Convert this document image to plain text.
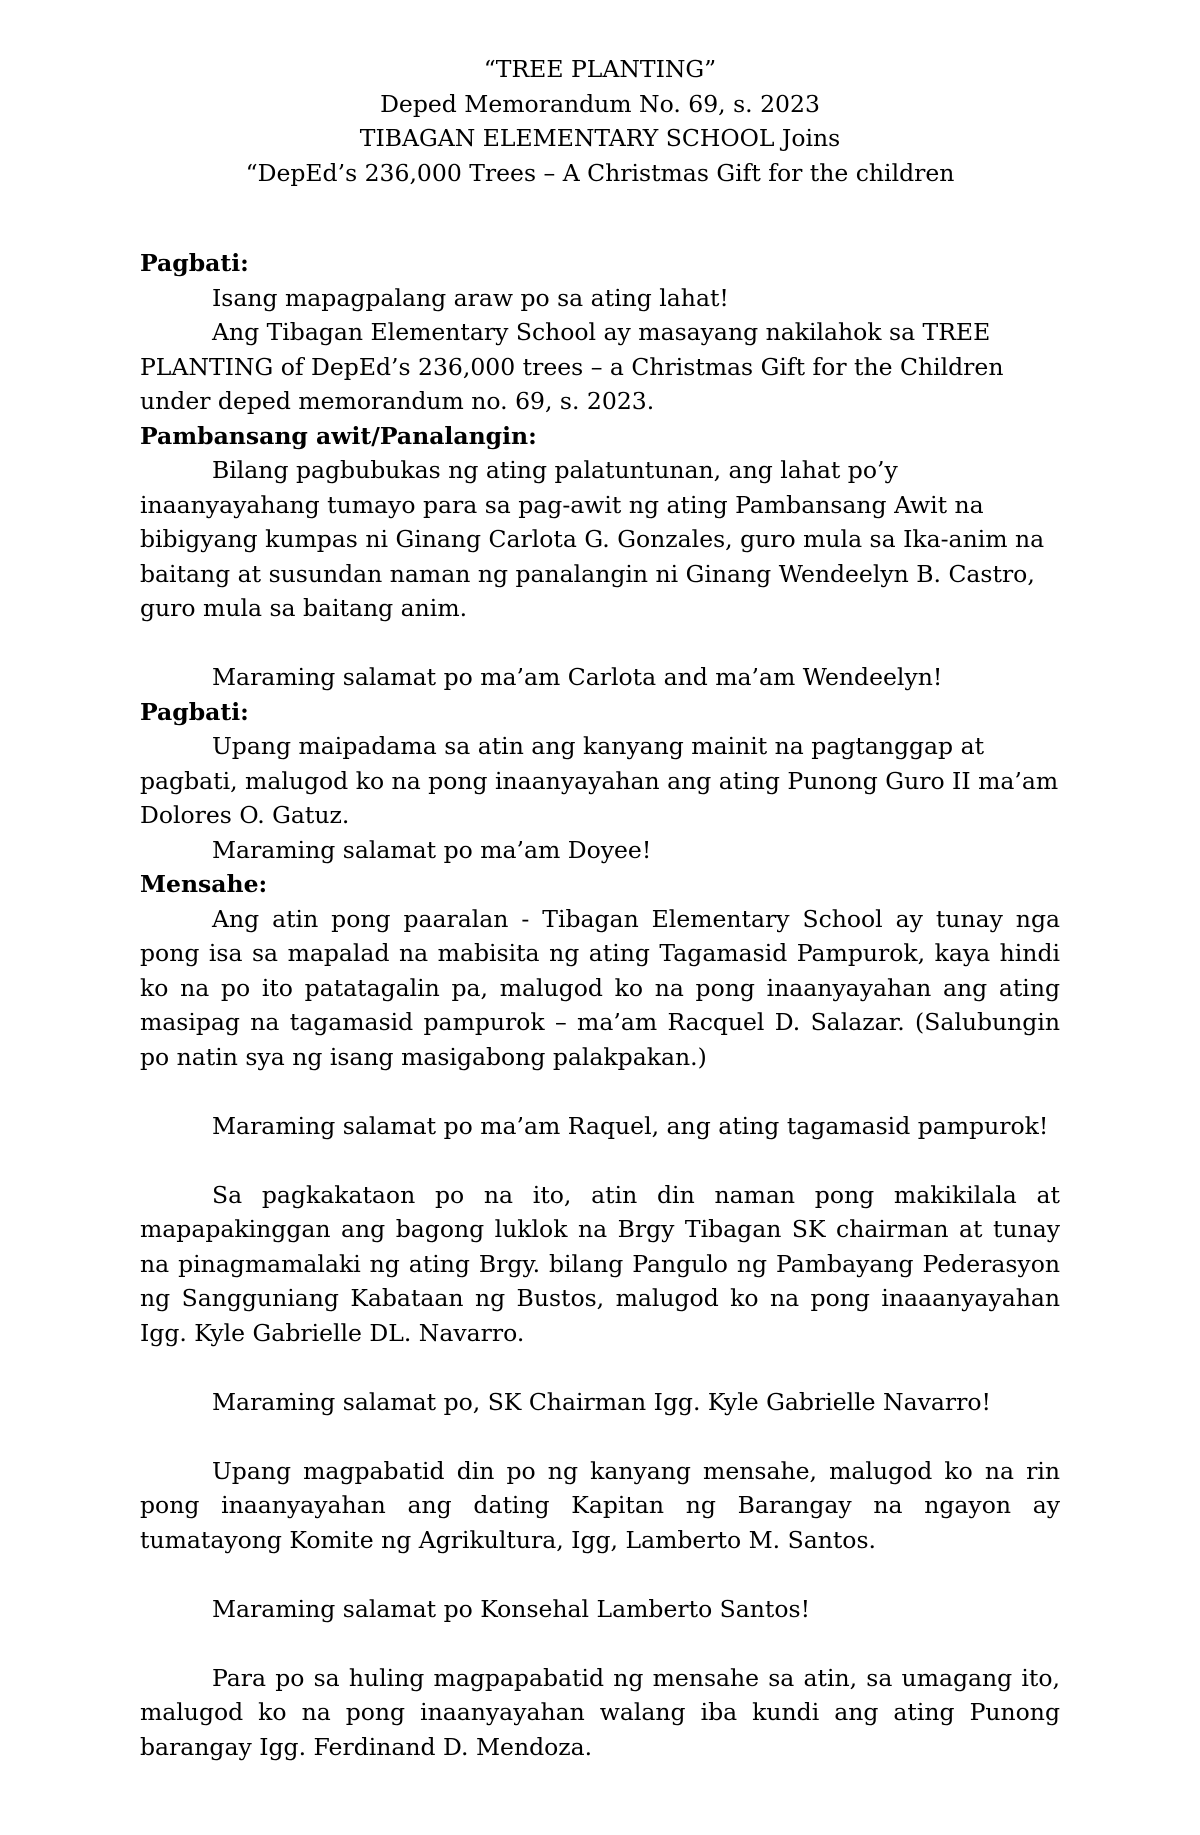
“TREE PLANTING”
Deped Memorandum No. 69, s. 2023
TIBAGAN ELEMENTARY SCHOOL Joins
“DepEd’s 236,000 Trees – A Christmas Gift for the children
Pagbati:
Isang mapagpalang araw po sa ating lahat!
Ang Tibagan Elementary School ay masayang nakilahok sa TREE PLANTING of DepEd’s 236,000 trees – a Christmas Gift for the Children under deped memorandum no. 69, s. 2023.
Pambansang awit/Panalangin:
Bilang pagbubukas ng ating palatuntunan, ang lahat po’y inaanyayahang tumayo para sa pag-awit ng ating Pambansang Awit na bibigyang kumpas ni Ginang Carlota G. Gonzales, guro mula sa Ika-anim na baitang at susundan naman ng panalangin ni Ginang Wendeelyn B. Castro, guro mula sa baitang anim.
Maraming salamat po ma’am Carlota and ma’am Wendeelyn!
Pagbati:
Upang maipadama sa atin ang kanyang mainit na pagtanggap at pagbati, malugod ko na pong inaanyayahan ang ating Punong Guro II ma’am Dolores O. Gatuz.
Maraming salamat po ma’am Doyee!
Mensahe:
Ang atin pong paaralan - Tibagan Elementary School ay tunay nga pong isa sa mapalad na mabisita ng ating Tagamasid Pampurok, kaya hindi ko na po ito patatagalin pa, malugod ko na pong inaanyayahan ang ating masipag na tagamasid pampurok – ma’am Racquel D. Salazar. (Salubungin po natin sya ng isang masigabong palakpakan.)
Maraming salamat po ma’am Raquel, ang ating tagamasid pampurok!
Sa pagkakataon po na ito, atin din naman pong makikilala at mapapakinggan ang bagong luklok na Brgy Tibagan SK chairman at tunay na pinagmamalaki ng ating Brgy. bilang Pangulo ng Pambayang Pederasyon ng Sangguniang Kabataan ng Bustos, malugod ko na pong inaaanyayahan Igg. Kyle Gabrielle DL. Navarro.
Maraming salamat po, SK Chairman Igg. Kyle Gabrielle Navarro!
Upang magpabatid din po ng kanyang mensahe, malugod ko na rin pong inaanyayahan ang dating Kapitan ng Barangay na ngayon ay tumatayong Komite ng Agrikultura, Igg, Lamberto M. Santos.
Maraming salamat po Konsehal Lamberto Santos!
Para po sa huling magpapabatid ng mensahe sa atin, sa umagang ito, malugod ko na pong inaanyayahan walang iba kundi ang ating Punong barangay Igg. Ferdinand D. Mendoza.
